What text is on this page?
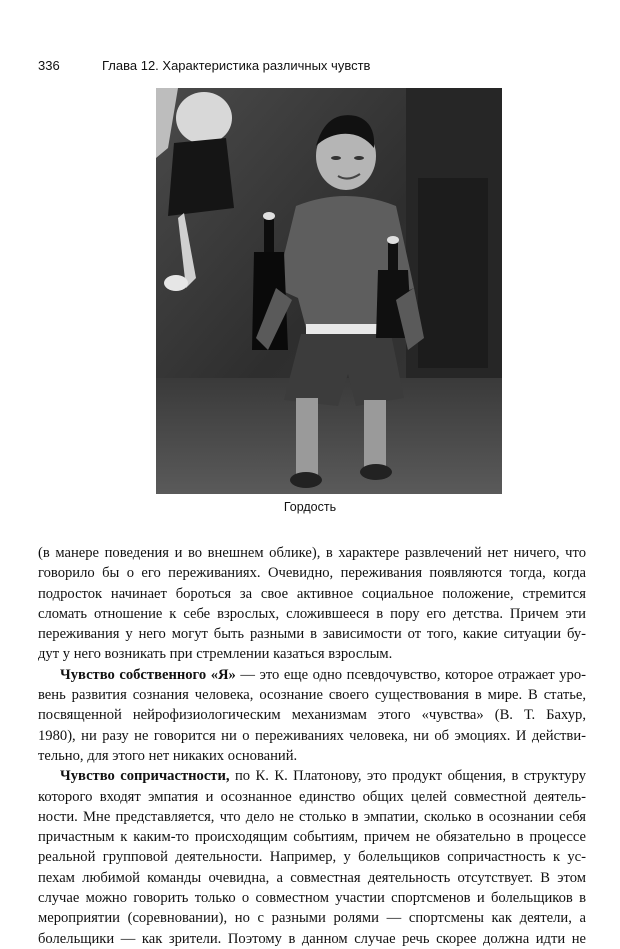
336	Глава 12. Характеристика различных чувств
Гордость
(в манере поведения и во внешнем облике), в характере развлечений нет ничего, что
говорило бы о его переживаниях. Очевидно, переживания появляются тогда, когда
подросток начинает бороться за свое активное социальное положение, стремится
сломать отношение к себе взрослых, сложившееся в пору его детства. Причем эти
переживания у него могут быть разными в зависимости от того, какие ситуации бу-
дут у него возникать при стремлении казаться взрослым.
Чувство собственного «Я» — это еще одно псевдочувство, которое отражает уро-
вень развития сознания человека, осознание своего существования в мире. В статье,
посвященной нейрофизиологическим механизмам этого «чувства» (В. Т. Бахур,
1980), ни разу не говорится ни о переживаниях человека, ни об эмоциях. И действи-
тельно, для этого нет никаких оснований.
Чувство сопричастности, по К. К. Платонову, это продукт общения, в структуру
которого входят эмпатия и осознанное единство общих целей совместной деятель-
ности. Мне представляется, что дело не столько в эмпатии, сколько в осознании себя
причастным к каким-то происходящим событиям, причем не обязательно в процессе
реальной групповой деятельности. Например, у болельщиков сопричастность к ус-
пехам любимой команды очевидна, а совместная деятельность отсутствует. В этом
случае можно говорить только о совместном участии спортсменов и болельщиков в
мероприятии (соревновании), но с разными ролями — спортсмены как деятели, а
болельщики — как зрители. Поэтому в данном случае речь скорее должна идти не
